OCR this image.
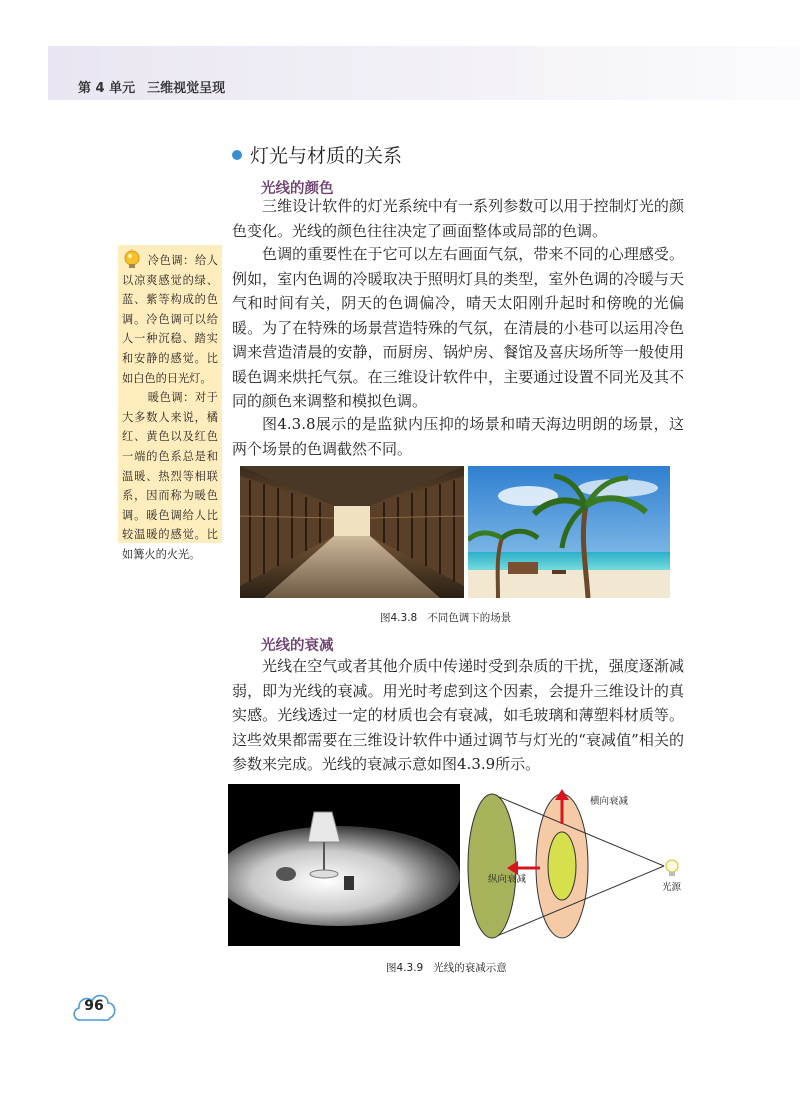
第 4 单元 三维视觉呈现
灯光与材质的关系
光线的颜色

三维设计软件的灯光系统中有一系列参数可以用于控制灯光的颜色变化。光线的颜色往往决定了画面整体或局部的色调。

色调的重要性在于它可以左右画面气氛，带来不同的心理感受。例如，室内色调的冷暖取决于照明灯具的类型，室外色调的冷暖与天气和时间有关，阴天的色调偏冷，晴天太阳刚升起时和傍晚的光偏暖。为了在特殊的场景营造特殊的气氛，在清晨的小巷可以运用冷色调来营造清晨的安静，而厨房、锅炉房、餐馆及喜庆场所等一般使用暖色调来烘托气氛。在三维设计软件中，主要通过设置不同光及其不同的颜色来调整和模拟色调。

图4.3.8展示的是监狱内压抑的场景和晴天海边明朗的场景，这两个场景的色调截然不同。

冷色调：给人以凉爽感觉的绿、蓝、紫等构成的色调。冷色调可以给人一种沉稳、踏实和安静的感觉。比如白色的日光灯。

暖色调：对于大多数人来说，橘红、黄色以及红色一端的色系总是和温暖、热烈等相联系，因而称为暖色调。暖色调给人比较温暖的感觉。比如篝火的火光。

图4.3.8 不同色调下的场景
光线的衰减

光线在空气或者其他介质中传递时受到杂质的干扰，强度逐渐减弱，即为光线的衰减。用光时考虑到这个因素，会提升三维设计的真实感。光线透过一定的材质也会有衰减，如毛玻璃和薄塑料材质等。这些效果都需要在三维设计软件中通过调节与灯光的“衰减值”相关的参数来完成。光线的衰减示意如图4.3.9所示。

横向衰减
纵向衰减
光源
图4.3.9 光线的衰减示意
96
